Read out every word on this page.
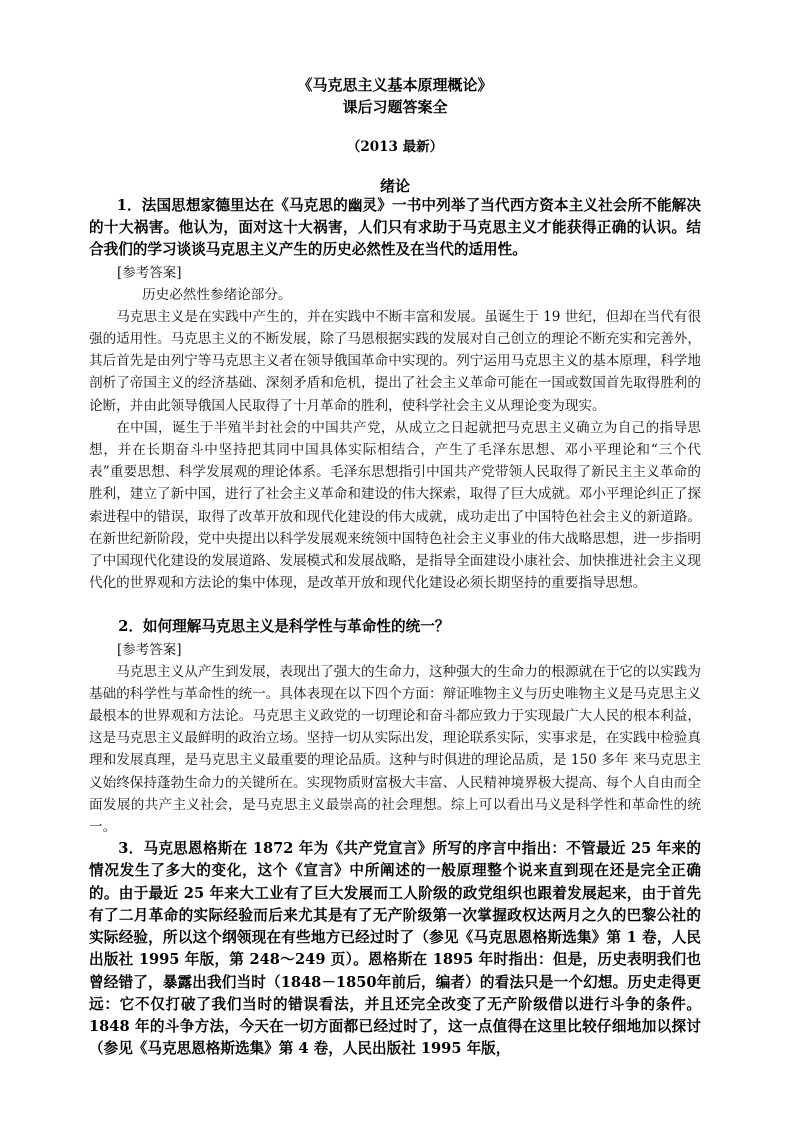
《马克思主义基本原理概论》
课后习题答案全
（2013 最新）
绪论

1．法国思想家德里达在《马克思的幽灵》一书中列举了当代西方资本主义社会所不能解决的十大祸害。他认为，面对这十大祸害，人们只有求助于马克思主义才能获得正确的认识。结合我们的学习谈谈马克思主义产生的历史必然性及在当代的适用性。

[参考答案]

历史必然性参绪论部分。

马克思主义是在实践中产生的，并在实践中不断丰富和发展。虽诞生于 19 世纪，但却在当代有很强的适用性。马克思主义的不断发展，除了马恩根据实践的发展对自己创立的理论不断充实和完善外，其后首先是由列宁等马克思主义者在领导俄国革命中实现的。列宁运用马克思主义的基本原理，科学地剖析了帝国主义的经济基础、深刻矛盾和危机，提出了社会主义革命可能在一国或数国首先取得胜利的论断，并由此领导俄国人民取得了十月革命的胜利，使科学社会主义从理论变为现实。

在中国，诞生于半殖半封社会的中国共产党，从成立之日起就把马克思主义确立为自己的指导思想，并在长期奋斗中坚持把其同中国具体实际相结合，产生了毛泽东思想、邓小平理论和“三个代表”重要思想、科学发展观的理论体系。毛泽东思想指引中国共产党带领人民取得了新民主主义革命的胜利，建立了新中国，进行了社会主义革命和建设的伟大探索，取得了巨大成就。邓小平理论纠正了探索进程中的错误，取得了改革开放和现代化建设的伟大成就，成功走出了中国特色社会主义的新道路。在新世纪新阶段，党中央提出以科学发展观来统领中国特色社会主义事业的伟大战略思想，进一步指明了中国现代化建设的发展道路、发展模式和发展战略，是指导全面建设小康社会、加快推进社会主义现代化的世界观和方法论的集中体现，是改革开放和现代化建设必须长期坚持的重要指导思想。

2．如何理解马克思主义是科学性与革命性的统一？

[参考答案]

马克思主义从产生到发展，表现出了强大的生命力，这种强大的生命力的根源就在于它的以实践为基础的科学性与革命性的统一。具体表现在以下四个方面：辩证唯物主义与历史唯物主义是马克思主义最根本的世界观和方法论。马克思主义政党的一切理论和奋斗都应致力于实现最广大人民的根本利益，这是马克思主义最鲜明的政治立场。坚持一切从实际出发，理论联系实际，实事求是，在实践中检验真理和发展真理，是马克思主义最重要的理论品质。这种与时俱进的理论品质，是 150 多年 来马克思主义始终保持蓬勃生命力的关键所在。实现物质财富极大丰富、人民精神境界极大提高、每个人自由而全面发展的共产主义社会，是马克思主义最崇高的社会理想。综上可以看出马义是科学性和革命性的统一。

3．马克思恩格斯在 1872 年为《共产党宣言》所写的序言中指出：不管最近 25 年来的情况发生了多大的变化，这个《宣言》中所阐述的一般原理整个说来直到现在还是完全正确的。由于最近 25 年来大工业有了巨大发展而工人阶级的政党组织也跟着发展起来，由于首先有了二月革命的实际经验而后来尤其是有了无产阶级第一次掌握政权达两月之久的巴黎公社的实际经验，所以这个纲领现在有些地方已经过时了（参见《马克思恩格斯选集》第 1 卷，人民出版社 1995 年版，第 248～249 页）。恩格斯在 1895 年时指出：但是，历史表明我们也曾经错了，暴露出我们当时（1848－1850年前后，编者）的看法只是一个幻想。历史走得更远：它不仅打破了我们当时的错误看法，并且还完全改变了无产阶级借以进行斗争的条件。1848 年的斗争方法，今天在一切方面都已经过时了，这一点值得在这里比较仔细地加以探讨（参见《马克思恩格斯选集》第 4 卷，人民出版社 1995 年版，
